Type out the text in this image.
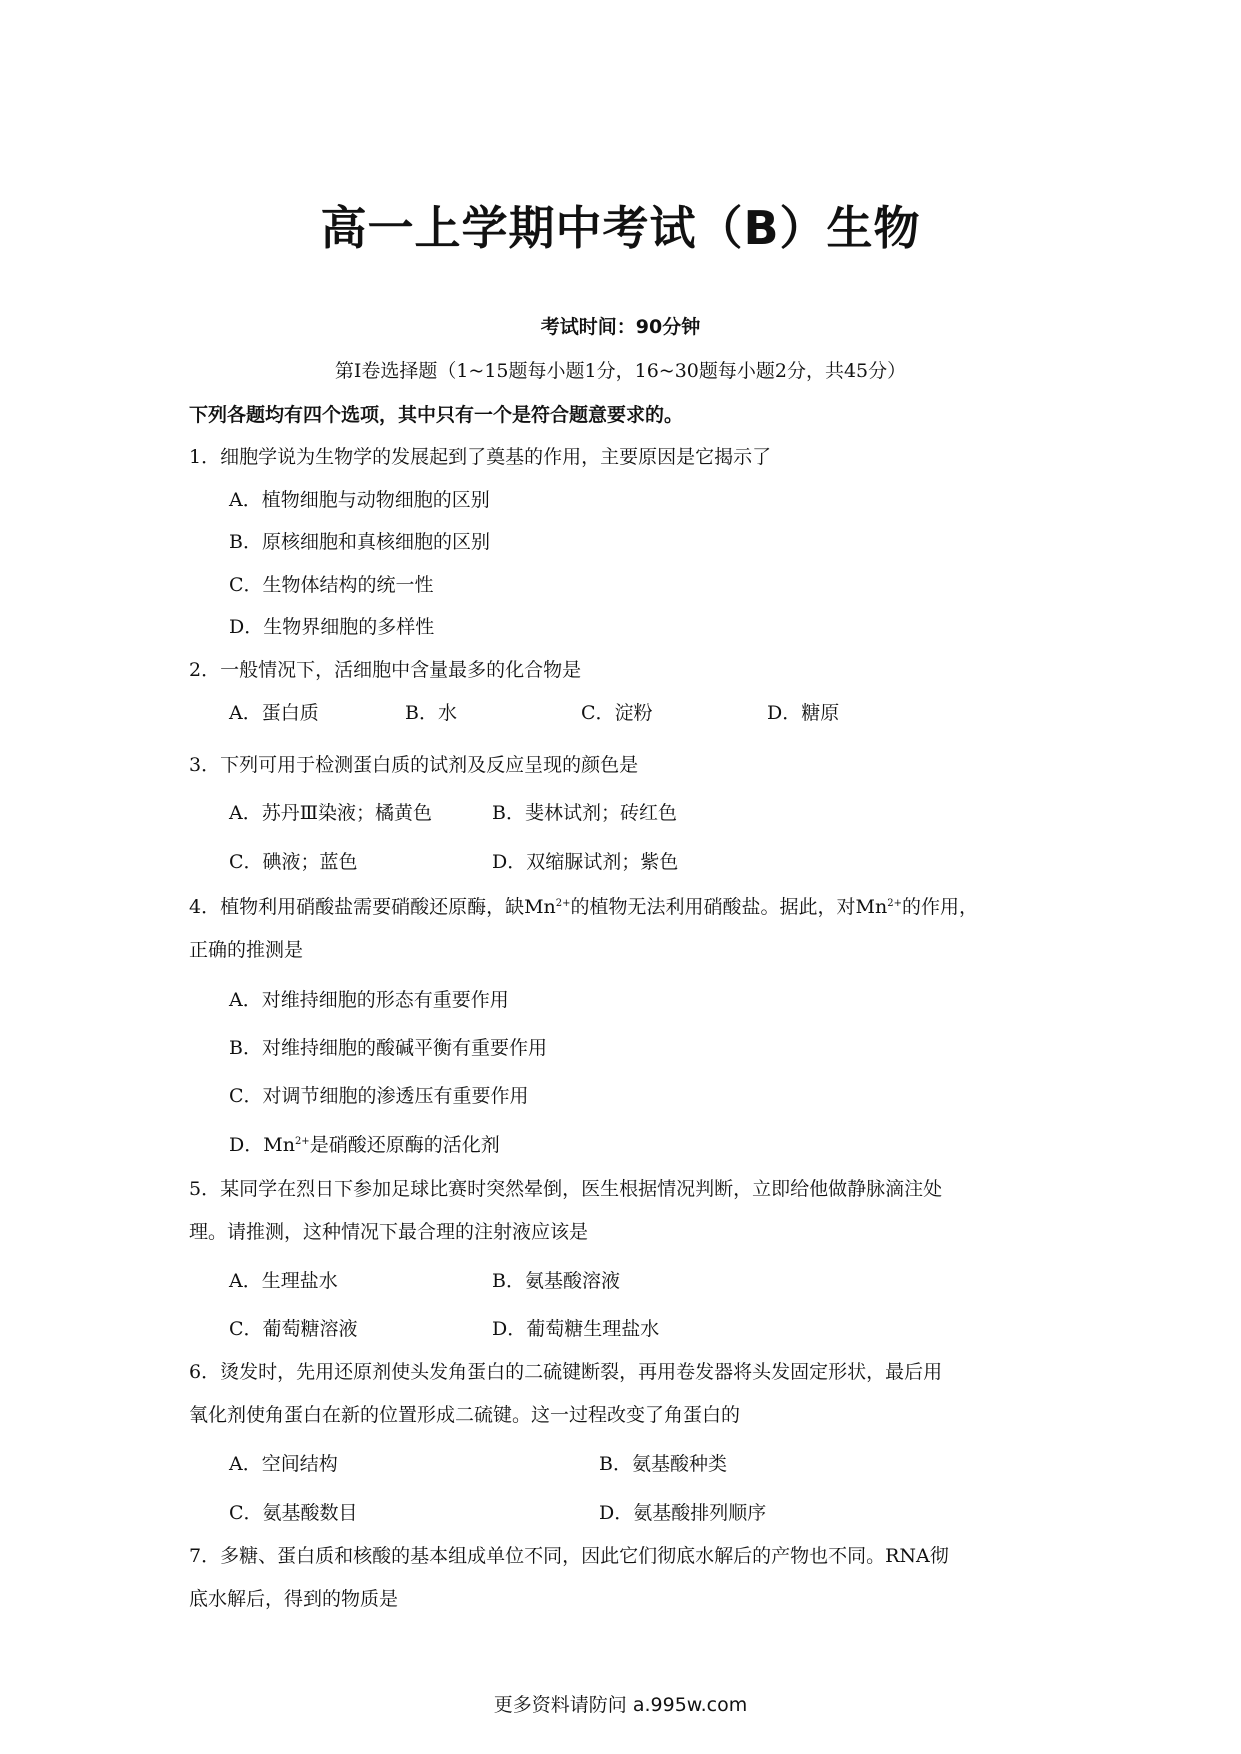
高一上学期中考试（B）生物
考试时间：90分钟
第Ⅰ卷选择题（1~15题每小题1分，16~30题每小题2分，共45分）
下列各题均有四个选项，其中只有一个是符合题意要求的。
1．细胞学说为生物学的发展起到了奠基的作用，主要原因是它揭示了
A．植物细胞与动物细胞的区别
B．原核细胞和真核细胞的区别
C．生物体结构的统一性
D．生物界细胞的多样性
2．一般情况下，活细胞中含量最多的化合物是
A．蛋白质	B．水	C．淀粉	D．糖原
3．下列可用于检测蛋白质的试剂及反应呈现的颜色是
A．苏丹Ⅲ染液；橘黄色	B．斐林试剂；砖红色
C．碘液；蓝色	D．双缩脲试剂；紫色
4．植物利用硝酸盐需要硝酸还原酶，缺$Mn^{2+}$的植物无法利用硝酸盐。据此，对$Mn^{2+}$的作用，
正确的推测是
A．对维持细胞的形态有重要作用
B．对维持细胞的酸碱平衡有重要作用
C．对调节细胞的渗透压有重要作用
D．$Mn^{2+}$是硝酸还原酶的活化剂
5．某同学在烈日下参加足球比赛时突然晕倒，医生根据情况判断，立即给他做静脉滴注处
理。请推测，这种情况下最合理的注射液应该是
A．生理盐水	B．氨基酸溶液
C．葡萄糖溶液	D．葡萄糖生理盐水
6．烫发时，先用还原剂使头发角蛋白的二硫键断裂，再用卷发器将头发固定形状，最后用
氧化剂使角蛋白在新的位置形成二硫键。这一过程改变了角蛋白的
A．空间结构	B．氨基酸种类
C．氨基酸数目	D．氨基酸排列顺序
7．多糖、蛋白质和核酸的基本组成单位不同，因此它们彻底水解后的产物也不同。RNA彻
底水解后，得到的物质是
更多资料请防问 a.995w.com
